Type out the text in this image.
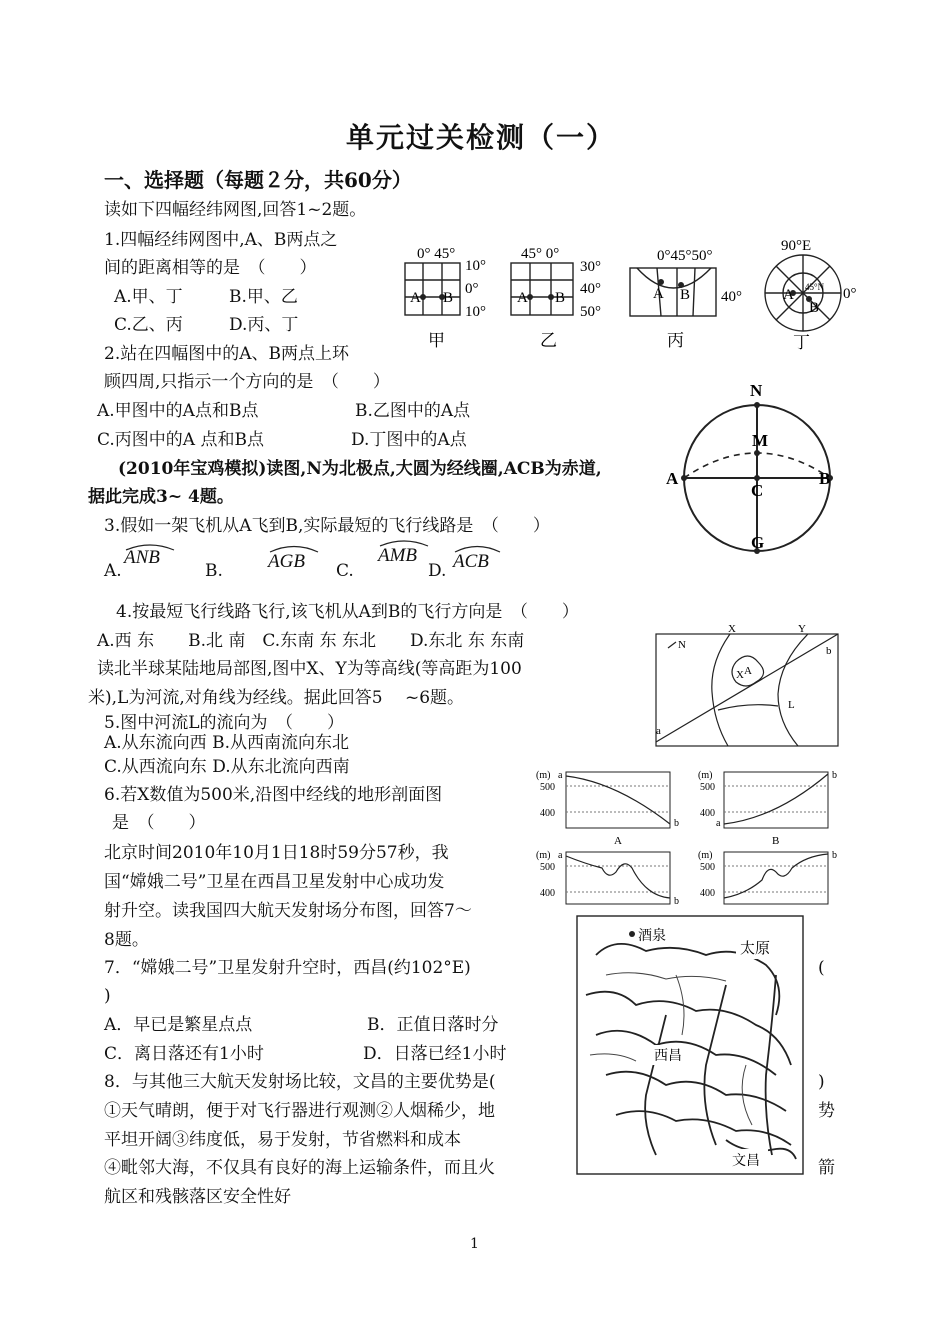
单元过关检测（一）
一、选择题（每题２分，共60分）
读如下四幅经纬网图,回答1~2题。
1.四幅经纬网图中,A、B两点之
间的距离相等的是　（　　）
A.甲、丁	B.甲、乙
C.乙、丙	D.丙、丁
2.站在四幅图中的A、B两点上环
顾四周,只指示一个方向的是　（　　）
A.甲图中的A点和B点	B.乙图中的A点
C.丙图中的A 点和B点	D.丁图中的A点
(2010年宝鸡模拟)读图,N为北极点,大圆为经线圈,ACB为赤道,
据此完成3~ 4题。
3.假如一架飞机从A飞到B,实际最短的飞行线路是　（　　）
A.
ANB
B. AGB C.
AMB
D. ACB
4.按最短飞行线路飞行,该飞机从A到B的飞行方向是　（　　）
A.西 东　　B.北 南　C.东南 东 东北　　D.东北 东 东南
读北半球某陆地局部图,图中X、Y为等高线(等高距为100
米),L为河流,对角线为经线。据此回答5 　~6题。
5.图中河流L的流向为　（　　）
A.从东流向西 B.从西南流向东北
C.从西流向东 D.从东北流向西南
6.若X数值为500米,沿图中经线的地形剖面图
是　（　　）
北京时间2010年10月1日18时59分57秒，我
国“嫦娥二号”卫星在西昌卫星发射中心成功发
射升空。读我国四大航天发射场分布图，回答7～
8题。
7．“嫦娥二号”卫星发射升空时，西昌(约102°E)	(
)
A．早已是繁星点点	B．正值日落时分
C．离日落还有1小时	D．日落已经1小时
8．与其他三大航天发射场比较，文昌的主要优势是(	)
①天气晴朗，便于对飞行器进行观测②人烟稀少，地	势
平坦开阔③纬度低，易于发射，节省燃料和成本
④毗邻大海，不仅具有良好的海上运输条件，而且火	箭
航区和残骸落区安全性好
0° 45°
10°
0°
10°
A B
甲
45° 0°
30°
40°
50°
A B
乙
0°45°50°
40°
A B
丙
90°E
0°
45°N
A
B
丁
N
M
A
C
B
G
X	Y
N	b
X A
L
a
(m) a
500
400
b
A
(m)
500
400
a
b
B
(m) a
500
400
b
(m)
500
400
b
酒泉
太原
西昌
文昌
1
